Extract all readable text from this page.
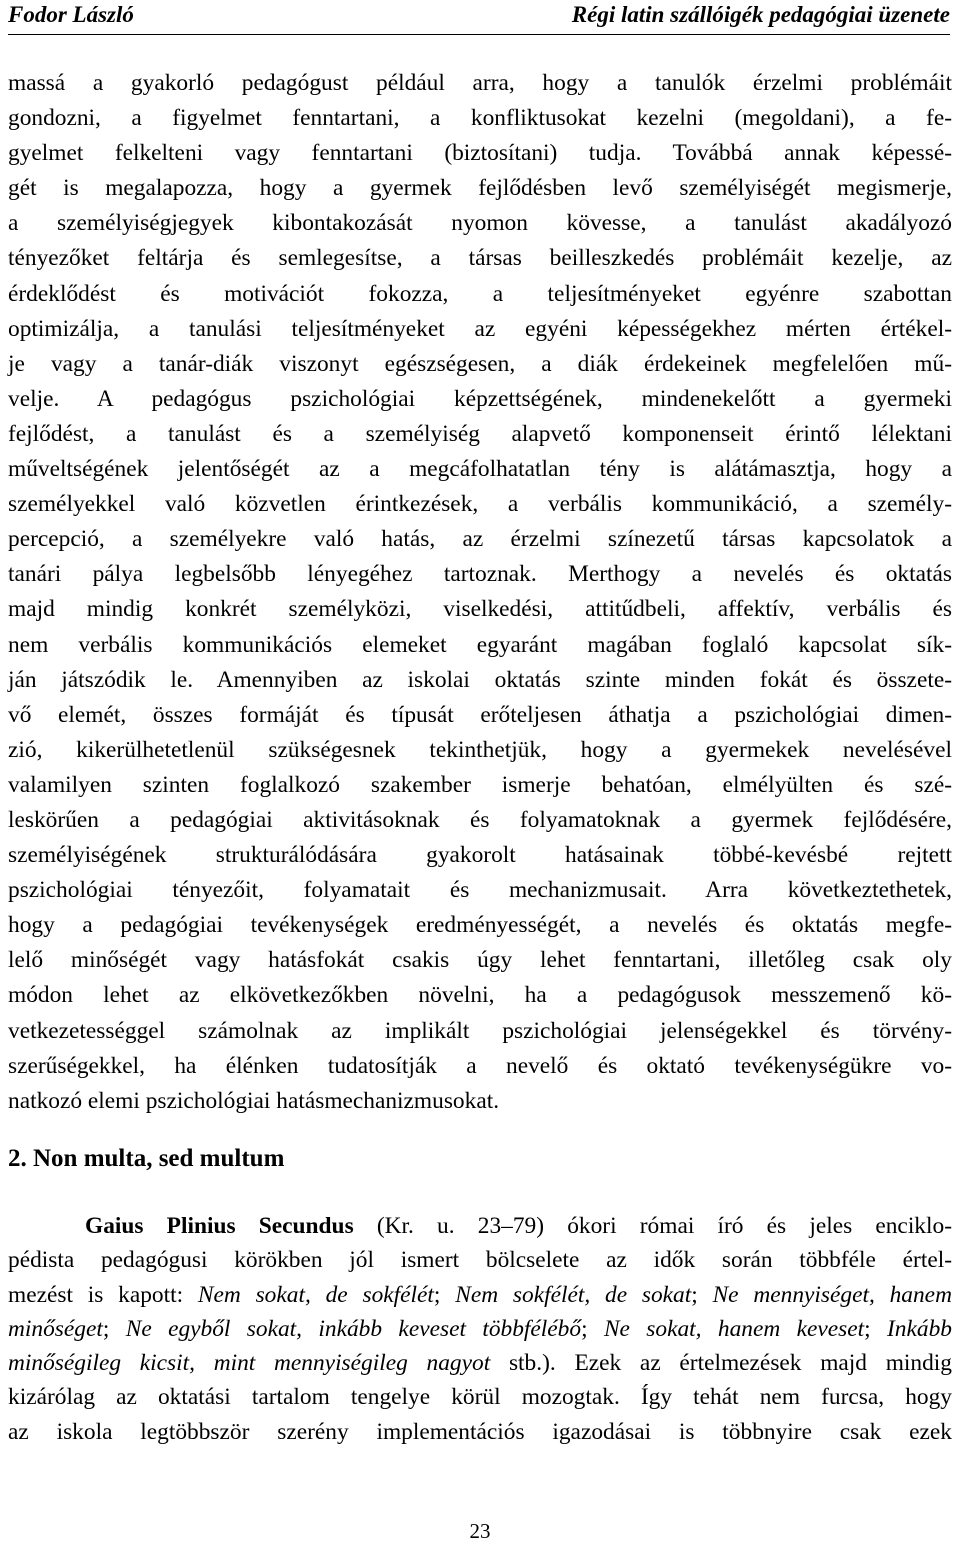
Fodor László	Régi latin szállóigék pedagógiai üzenete
massá a gyakorló pedagógust például arra, hogy a tanulók érzelmi problémáit
gondozni, a figyelmet fenntartani, a konfliktusokat kezelni (megoldani), a fe-
gyelmet felkelteni vagy fenntartani (biztosítani) tudja. Továbbá annak képessé-
gét is megalapozza, hogy a gyermek fejlődésben levő személyiségét megismerje,
a személyiségjegyek kibontakozását nyomon kövesse, a tanulást akadályozó
tényezőket feltárja és semlegesítse, a társas beilleszkedés problémáit kezelje, az
érdeklődést és motivációt fokozza, a teljesítményeket egyénre szabottan
optimizálja, a tanulási teljesítményeket az egyéni képességekhez mérten értékel-
je vagy a tanár-diák viszonyt egészségesen, a diák érdekeinek megfelelően mű-
velje. A pedagógus pszichológiai képzettségének, mindenekelőtt a gyermeki
fejlődést, a tanulást és a személyiség alapvető komponenseit érintő lélektani
műveltségének jelentőségét az a megcáfolhatatlan tény is alátámasztja, hogy a
személyekkel való közvetlen érintkezések, a verbális kommunikáció, a személy-
percepció, a személyekre való hatás, az érzelmi színezetű társas kapcsolatok a
tanári pálya legbelsőbb lényegéhez tartoznak. Merthogy a nevelés és oktatás
majd mindig konkrét személyközi, viselkedési, attitűdbeli, affektív, verbális és
nem verbális kommunikációs elemeket egyaránt magában foglaló kapcsolat sík-
ján játszódik le. Amennyiben az iskolai oktatás szinte minden fokát és összete-
vő elemét, összes formáját és típusát erőteljesen áthatja a pszichológiai dimen-
zió, kikerülhetetlenül szükségesnek tekinthetjük, hogy a gyermekek nevelésével
valamilyen szinten foglalkozó szakember ismerje behatóan, elmélyülten és szé-
leskörűen a pedagógiai aktivitásoknak és folyamatoknak a gyermek fejlődésére,
személyiségének strukturálódására gyakorolt hatásainak többé-kevésbé rejtett
pszichológiai tényezőit, folyamatait és mechanizmusait. Arra következtethetek,
hogy a pedagógiai tevékenységek eredményességét, a nevelés és oktatás megfe-
lelő minőségét vagy hatásfokát csakis úgy lehet fenntartani, illetőleg csak oly
módon lehet az elkövetkezőkben növelni, ha a pedagógusok messzemenő kö-
vetkezetességgel számolnak az implikált pszichológiai jelenségekkel és törvény-
szerűségekkel, ha élénken tudatosítják a nevelő és oktató tevékenységükre vo-
natkozó elemi pszichológiai hatásmechanizmusokat.
2. Non multa, sed multum
Gaius Plinius Secundus (Kr. u. 23–79) ókori római író és jeles enciklo-
pédista pedagógusi körökben jól ismert bölcselete az idők során többféle értel-
mezést is kapott: Nem sokat, de sokfélét; Nem sokfélét, de sokat; Ne mennyiséget, hanem
minőséget; Ne egyből sokat, inkább keveset többfélébő; Ne sokat, hanem keveset; Inkább
minőségileg kicsit, mint mennyiségileg nagyot stb.). Ezek az értelmezések majd mindig
kizárólag az oktatási tartalom tengelye körül mozogtak. Így tehát nem furcsa, hogy
az iskola legtöbbször szerény implementációs igazodásai is többnyire csak ezek
23
